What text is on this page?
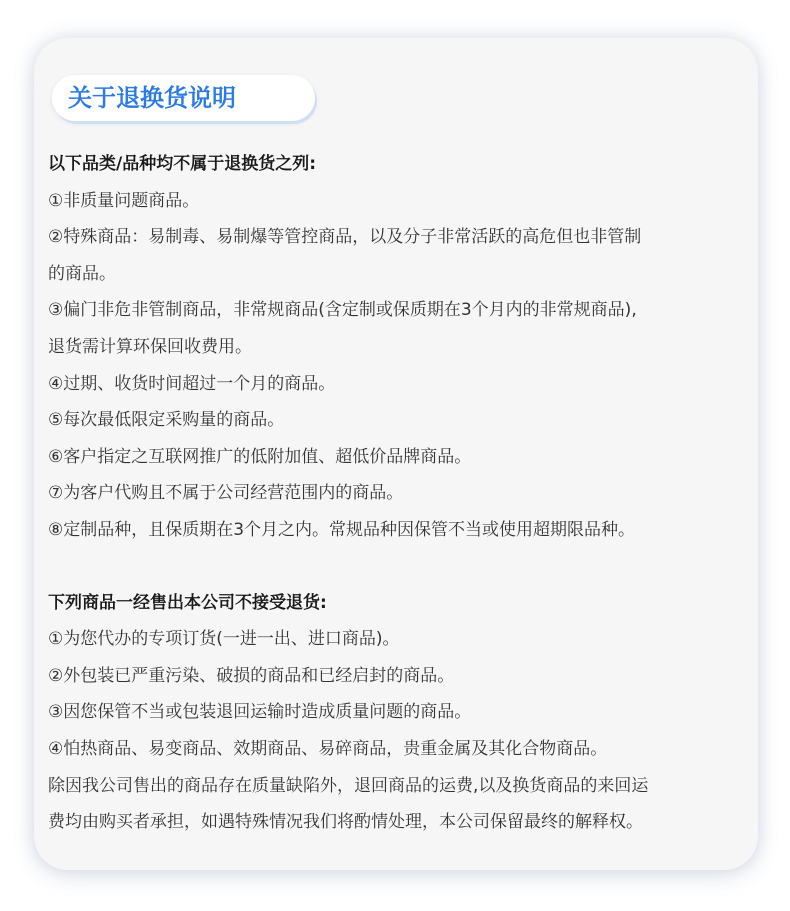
关于退换货说明

以下品类/品种均不属于退换货之列:

①非质量问题商品。

②特殊商品：易制毒、易制爆等管控商品，以及分子非常活跃的高危但也非管制

的商品。

③偏门非危非管制商品，非常规商品(含定制或保质期在3个月内的非常规商品),

退货需计算环保回收费用。

④过期、收货时间超过一个月的商品。

⑤每次最低限定采购量的商品。

⑥客户指定之互联网推广的低附加值、超低价品牌商品。

⑦为客户代购且不属于公司经营范围内的商品。

⑧定制品种，且保质期在3个月之内。常规品种因保管不当或使用超期限品种。

下列商品一经售出本公司不接受退货:

①为您代办的专项订货(一进一出、进口商品)。

②外包装已严重污染、破损的商品和已经启封的商品。

③因您保管不当或包装退回运输时造成质量问题的商品。

④怕热商品、易变商品、效期商品、易碎商品，贵重金属及其化合物商品。

除因我公司售出的商品存在质量缺陷外，退回商品的运费,以及换货商品的来回运

费均由购买者承担，如遇特殊情况我们将酌情处理，本公司保留最终的解释权。
